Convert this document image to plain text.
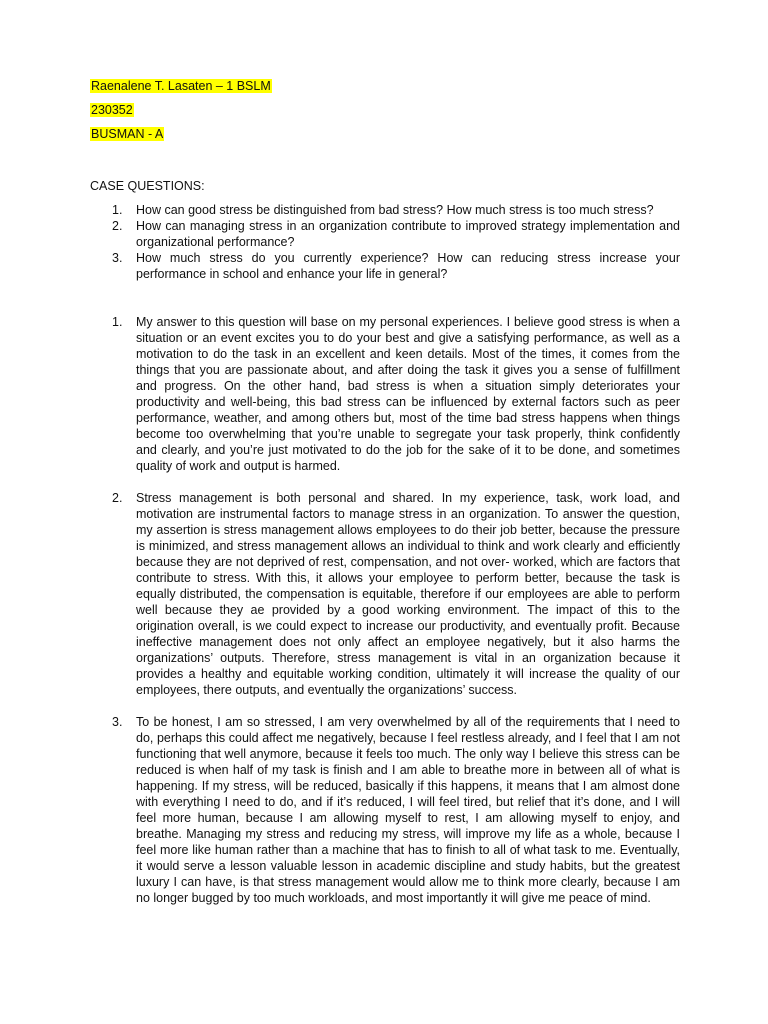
Raenalene T. Lasaten – 1 BSLM
230352
BUSMAN - A
CASE QUESTIONS:
1. How can good stress be distinguished from bad stress? How much stress is too much stress?
2. How can managing stress in an organization contribute to improved strategy implementation and organizational performance?
3. How much stress do you currently experience? How can reducing stress increase your performance in school and enhance your life in general?
1. My answer to this question will base on my personal experiences. I believe good stress is when a situation or an event excites you to do your best and give a satisfying performance, as well as a motivation to do the task in an excellent and keen details. Most of the times, it comes from the things that you are passionate about, and after doing the task it gives you a sense of fulfillment and progress. On the other hand, bad stress is when a situation simply deteriorates your productivity and well-being, this bad stress can be influenced by external factors such as peer performance, weather, and among others but, most of the time bad stress happens when things become too overwhelming that you’re unable to segregate your task properly, think confidently and clearly, and you’re just motivated to do the job for the sake of it to be done, and sometimes quality of work and output is harmed.

2. Stress management is both personal and shared. In my experience, task, work load, and motivation are instrumental factors to manage stress in an organization. To answer the question, my assertion is stress management allows employees to do their job better, because the pressure is minimized, and stress management allows an individual to think and work clearly and efficiently because they are not deprived of rest, compensation, and not over- worked, which are factors that contribute to stress. With this, it allows your employee to perform better, because the task is equally distributed, the compensation is equitable, therefore if our employees are able to perform well because they ae provided by a good working environment. The impact of this to the origination overall, is we could expect to increase our productivity, and eventually profit. Because ineffective management does not only affect an employee negatively, but it also harms the organizations’ outputs. Therefore, stress management is vital in an organization because it provides a healthy and equitable working condition, ultimately it will increase the quality of our employees, there outputs, and eventually the organizations’ success.

3. To be honest, I am so stressed, I am very overwhelmed by all of the requirements that I need to do, perhaps this could affect me negatively, because I feel restless already, and I feel that I am not functioning that well anymore, because it feels too much. The only way I believe this stress can be reduced is when half of my task is finish and I am able to breathe more in between all of what is happening. If my stress, will be reduced, basically if this happens, it means that I am almost done with everything I need to do, and if it’s reduced, I will feel tired, but relief that it’s done, and I will feel more human, because I am allowing myself to rest, I am allowing myself to enjoy, and breathe. Managing my stress and reducing my stress, will improve my life as a whole, because I feel more like human rather than a machine that has to finish to all of what task to me. Eventually, it would serve a lesson valuable lesson in academic discipline and study habits, but the greatest luxury I can have, is that stress management would allow me to think more clearly, because I am no longer bugged by too much workloads, and most importantly it will give me peace of mind.
